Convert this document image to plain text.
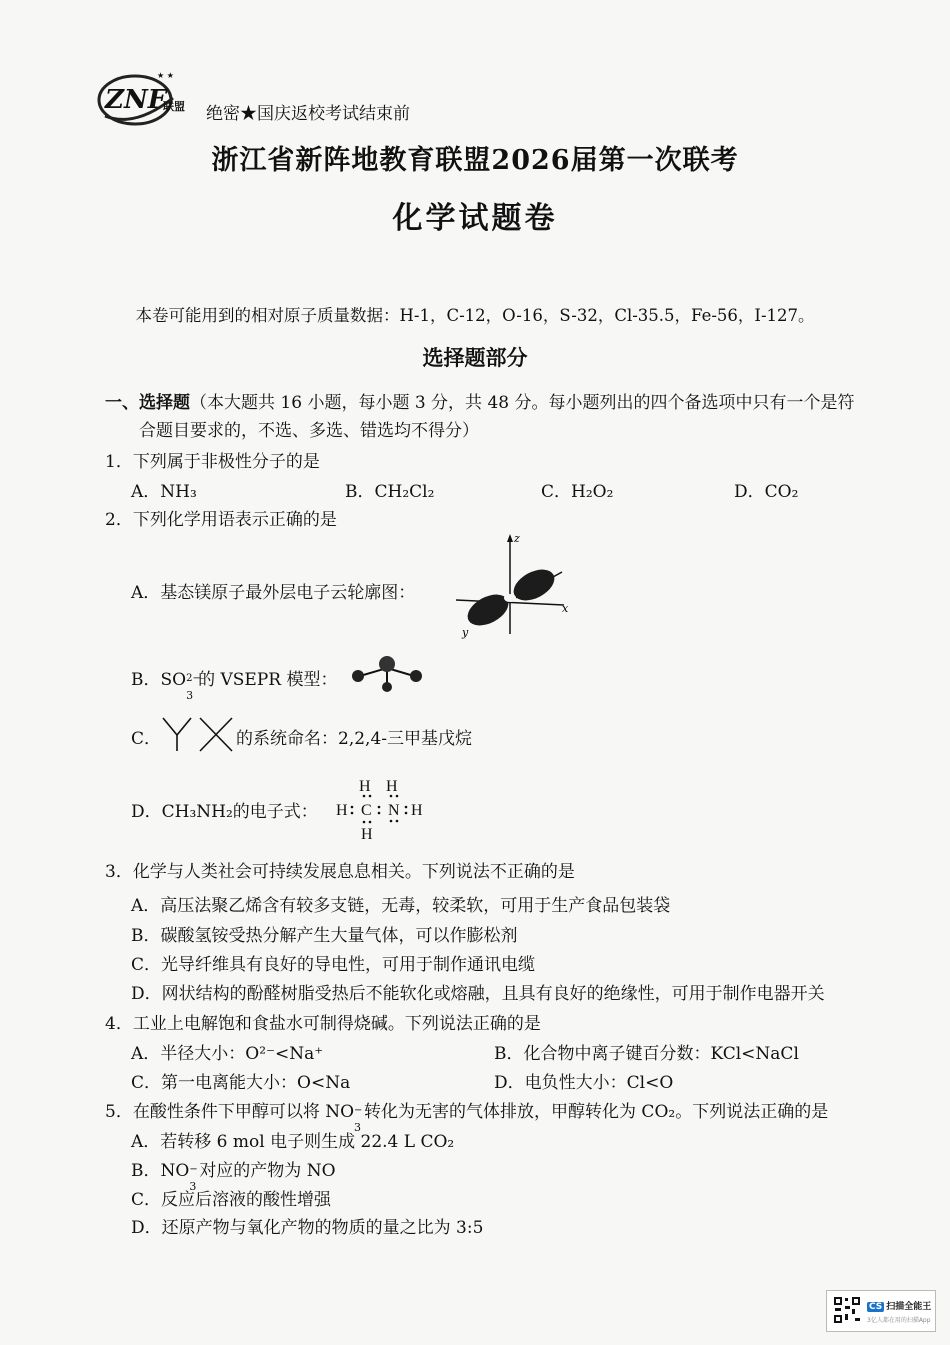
ZNF
联盟
★ ★
绝密★国庆返校考试结束前
浙江省新阵地教育联盟2026届第一次联考
化学试题卷
本卷可能用到的相对原子质量数据：H-1，C-12，O-16，S-32，Cl-35.5，Fe-56，I-127。
选择题部分
一、选择题（本大题共 16 小题，每小题 3 分，共 48 分。每小题列出的四个备选项中只有一个是符
合题目要求的，不选、多选、错选均不得分）
1．下列属于非极性分子的是
A．NH₃	B．CH₂Cl₂	C．H₂O₂	D．CO₂
2．下列化学用语表示正确的是
A．基态镁原子最外层电子云轮廓图：
z
x
y
B．SO 2−
3
的 VSEPR 模型：
C．	的系统命名：2,2,4-三甲基戊烷
D．CH₃NH₂的电子式：
H H
H C N H
H
3．化学与人类社会可持续发展息息相关。下列说法不正确的是
A．高压法聚乙烯含有较多支链，无毒，较柔软，可用于生产食品包装袋
B．碳酸氢铵受热分解产生大量气体，可以作膨松剂
C．光导纤维具有良好的导电性，可用于制作通讯电缆
D．网状结构的酚醛树脂受热后不能软化或熔融，且具有良好的绝缘性，可用于制作电器开关
4．工业上电解饱和食盐水可制得烧碱。下列说法正确的是
A．半径大小：O²⁻<Na⁺	B．化合物中离子键百分数：KCl<NaCl
C．第一电离能大小：O<Na	D．电负性大小：Cl<O
5．在酸性条件下甲醇可以将 NO −
3
转化为无害的气体排放，甲醇转化为 CO₂。下列说法正确的是
A．若转移 6 mol 电子则生成 22.4 L CO₂
B．NO −
3
对应的产物为 NO
C．反应后溶液的酸性增强
D．还原产物与氧化产物的物质的量之比为 3:5
CS 扫描全能王
3亿人都在用的扫描App
